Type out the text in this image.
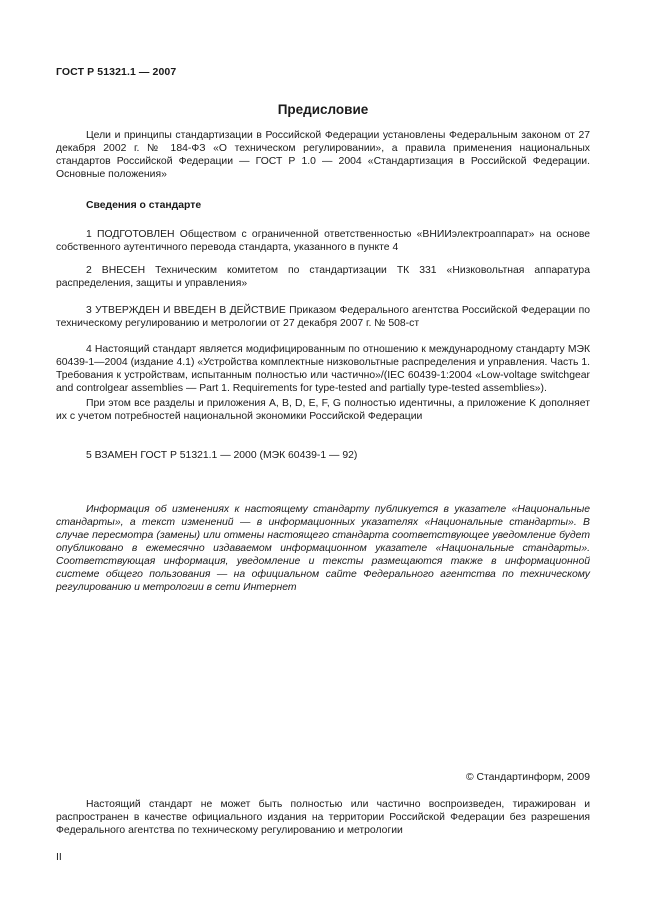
ГОСТ Р 51321.1 — 2007
Предисловие

Цели и принципы стандартизации в Российской Федерации установлены Федеральным законом от 27 декабря 2002 г. № 184-ФЗ «О техническом регулировании», а правила применения национальных стандартов Российской Федерации — ГОСТ Р 1.0 — 2004 «Стандартизация в Российской Федерации. Основные положения»

Сведения о стандарте

1 ПОДГОТОВЛЕН Обществом с ограниченной ответственностью «ВНИИэлектроаппарат» на основе собственного аутентичного перевода стандарта, указанного в пункте 4

2 ВНЕСЕН Техническим комитетом по стандартизации ТК 331 «Низковольтная аппаратура распределения, защиты и управления»

3 УТВЕРЖДЕН И ВВЕДЕН В ДЕЙСТВИЕ Приказом Федерального агентства Российской Федерации по техническому регулированию и метрологии от 27 декабря 2007 г. № 508-ст

4 Настоящий стандарт является модифицированным по отношению к международному стандарту МЭК 60439-1—2004 (издание 4.1) «Устройства комплектные низковольтные распределения и управления. Часть 1. Требования к устройствам, испытанным полностью или частично»/(IEC 60439-1:2004 «Low-voltage switchgear and controlgear assemblies — Part 1. Requirements for type-tested and partially type-tested assemblies»).

При этом все разделы и приложения A, B, D, E, F, G полностью идентичны, а приложение K дополняет их с учетом потребностей национальной экономики Российской Федерации

5 ВЗАМЕН ГОСТ Р 51321.1 — 2000 (МЭК 60439-1 — 92)

Информация об изменениях к настоящему стандарту публикуется в указателе «Национальные стандарты», а текст изменений — в информационных указателях «Национальные стандарты». В случае пересмотра (замены) или отмены настоящего стандарта соответствующее уведомление будет опубликовано в ежемесячно издаваемом информационном указателе «Национальные стандарты». Соответствующая информация, уведомление и тексты размещаются также в информационной системе общего пользования — на официальном сайте Федерального агентства по техническому регулированию и метрологии в сети Интернет

© Стандартинформ, 2009

Настоящий стандарт не может быть полностью или частично воспроизведен, тиражирован и распространен в качестве официального издания на территории Российской Федерации без разрешения Федерального агентства по техническому регулированию и метрологии

II
